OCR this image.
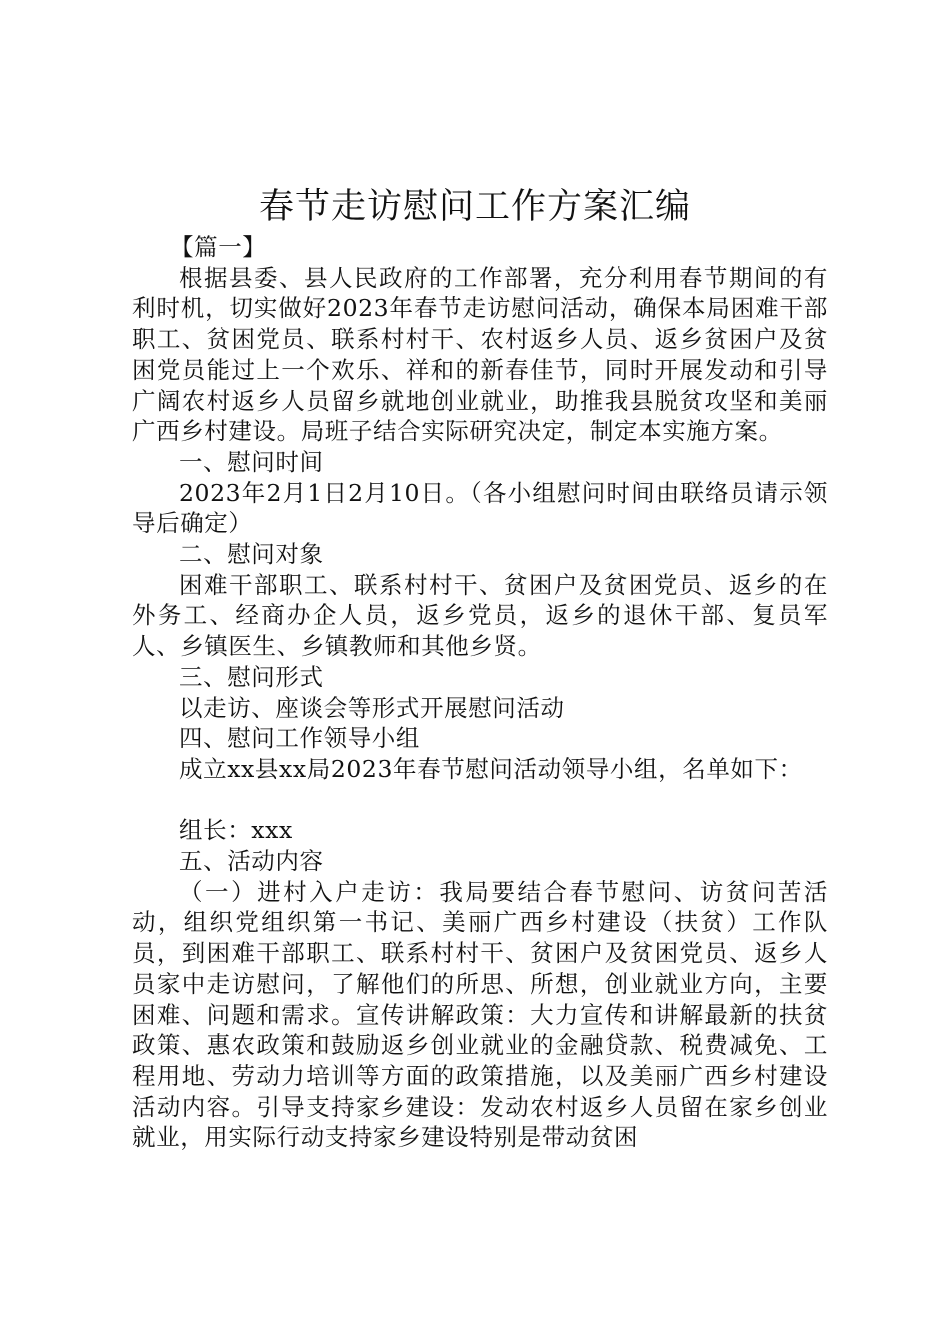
春节走访慰问工作方案汇编

【篇一】

根据县委、县人民政府的工作部署，充分利用春节期间的有利时机，切实做好2023年春节走访慰问活动，确保本局困难干部职工、贫困党员、联系村村干、农村返乡人员、返乡贫困户及贫困党员能过上一个欢乐、祥和的新春佳节，同时开展发动和引导广阔农村返乡人员留乡就地创业就业，助推我县脱贫攻坚和美丽广西乡村建设。局班子结合实际研究决定，制定本实施方案。

一、慰问时间

2023年2月1日2月10日。（各小组慰问时间由联络员请示领导后确定）

二、慰问对象

困难干部职工、联系村村干、贫困户及贫困党员、返乡的在外务工、经商办企人员，返乡党员，返乡的退休干部、复员军人、乡镇医生、乡镇教师和其他乡贤。

三、慰问形式

以走访、座谈会等形式开展慰问活动

四、慰问工作领导小组

成立xx县xx局2023年春节慰问活动领导小组，名单如下：

组长：xxx

五、活动内容

（一）进村入户走访：我局要结合春节慰问、访贫问苦活动，组织党组织第一书记、美丽广西乡村建设（扶贫）工作队员，到困难干部职工、联系村村干、贫困户及贫困党员、返乡人员家中走访慰问，了解他们的所思、所想，创业就业方向，主要困难、问题和需求。宣传讲解政策：大力宣传和讲解最新的扶贫政策、惠农政策和鼓励返乡创业就业的金融贷款、税费减免、工程用地、劳动力培训等方面的政策措施，以及美丽广西乡村建设活动内容。引导支持家乡建设：发动农村返乡人员留在家乡创业就业，用实际行动支持家乡建设特别是带动贫困
